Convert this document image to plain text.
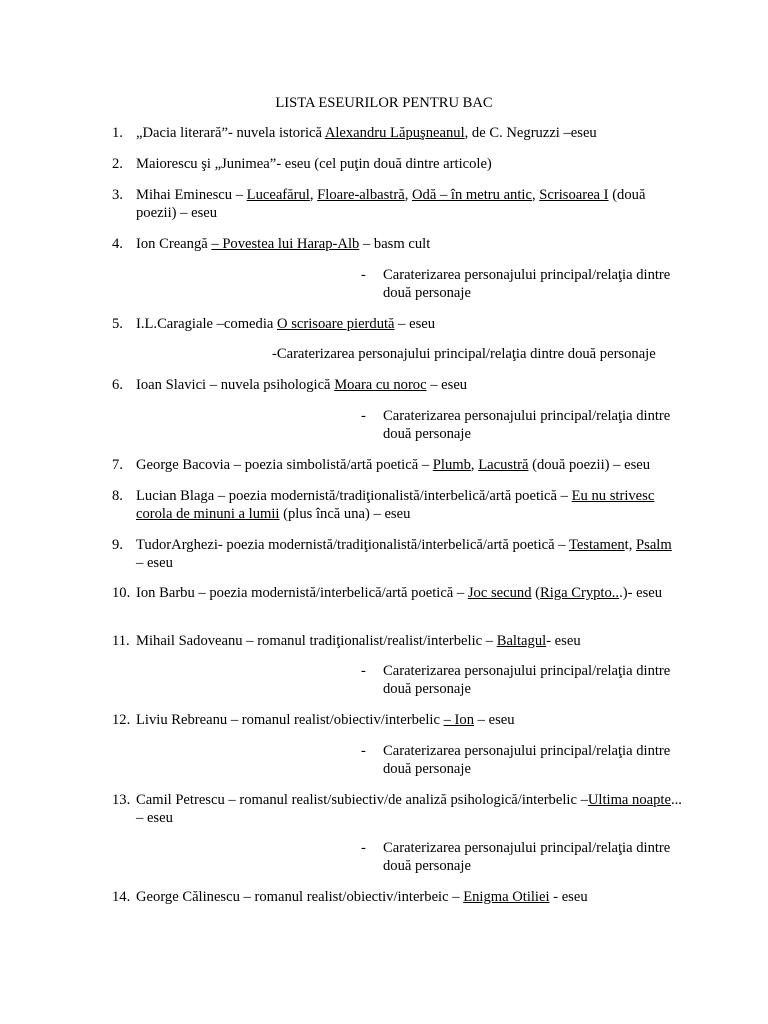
LISTA ESEURILOR PENTRU BAC
1. „Dacia literară”- nuvela istorică Alexandru Lăpuşneanul, de C. Negruzzi –eseu
2. Maiorescu şi „Junimea”- eseu (cel puţin două dintre articole)
3. Mihai Eminescu – Luceafărul, Floare-albastră, Odă – în metru antic, Scrisoarea I (două poezii) – eseu
4. Ion Creangă – Povestea lui Harap-Alb – basm cult
- Caraterizarea personajului principal/relaţia dintre două personaje
5. I.L.Caragiale –comedia O scrisoare pierdută – eseu
-Caraterizarea personajului principal/relaţia dintre două personaje
6. Ioan Slavici – nuvela psihologică Moara cu noroc – eseu
- Caraterizarea personajului principal/relaţia dintre două personaje
7. George Bacovia – poezia simbolistă/artă poetică – Plumb, Lacustră (două poezii) – eseu
8. Lucian Blaga – poezia modernistă/tradiţionalistă/interbelică/artă poetică – Eu nu strivesc corola de minuni a lumii (plus încă una) – eseu
9. TudorArghezi- poezia modernistă/tradiţionalistă/interbelică/artă poetică – Testament, Psalm – eseu
10. Ion Barbu – poezia modernistă/interbelică/artă poetică – Joc secund (Riga Crypto...)- eseu
11. Mihail Sadoveanu – romanul tradiţionalist/realist/interbelic – Baltagul- eseu
- Caraterizarea personajului principal/relaţia dintre două personaje
12. Liviu Rebreanu – romanul realist/obiectiv/interbelic – Ion – eseu
- Caraterizarea personajului principal/relaţia dintre două personaje
13. Camil Petrescu – romanul realist/subiectiv/de analiză psihologică/interbelic –Ultima noapte... – eseu
- Caraterizarea personajului principal/relaţia dintre două personaje
14. George Călinescu – romanul realist/obiectiv/interbeic – Enigma Otiliei - eseu
